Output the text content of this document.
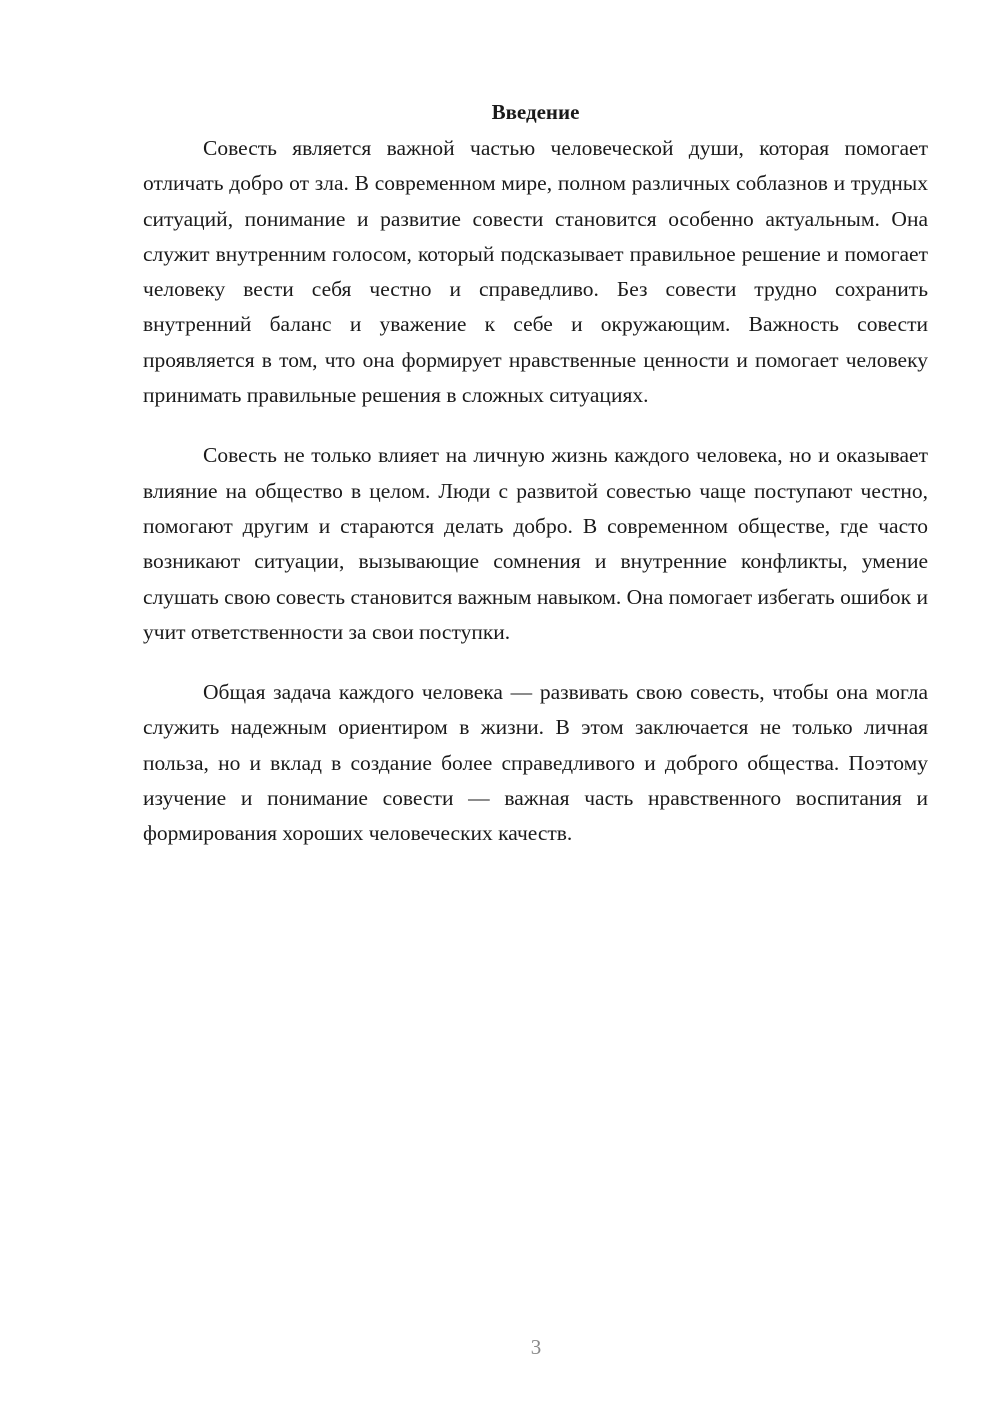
Введение

Совесть является важной частью человеческой души, которая помогает отличать добро от зла. В современном мире, полном различных соблазнов и трудных ситуаций, понимание и развитие совести становится особенно актуальным. Она служит внутренним голосом, который подсказывает правильное решение и помогает человеку вести себя честно и справедливо. Без совести трудно сохранить внутренний баланс и уважение к себе и окружающим. Важность совести проявляется в том, что она формирует нравственные ценности и помогает человеку принимать правильные решения в сложных ситуациях.

Совесть не только влияет на личную жизнь каждого человека, но и оказывает влияние на общество в целом. Люди с развитой совестью чаще поступают честно, помогают другим и стараются делать добро. В современном обществе, где часто возникают ситуации, вызывающие сомнения и внутренние конфликты, умение слушать свою совесть становится важным навыком. Она помогает избегать ошибок и учит ответственности за свои поступки.

Общая задача каждого человека — развивать свою совесть, чтобы она могла служить надежным ориентиром в жизни. В этом заключается не только личная польза, но и вклад в создание более справедливого и доброго общества. Поэтому изучение и понимание совести — важная часть нравственного воспитания и формирования хороших человеческих качеств.

3
